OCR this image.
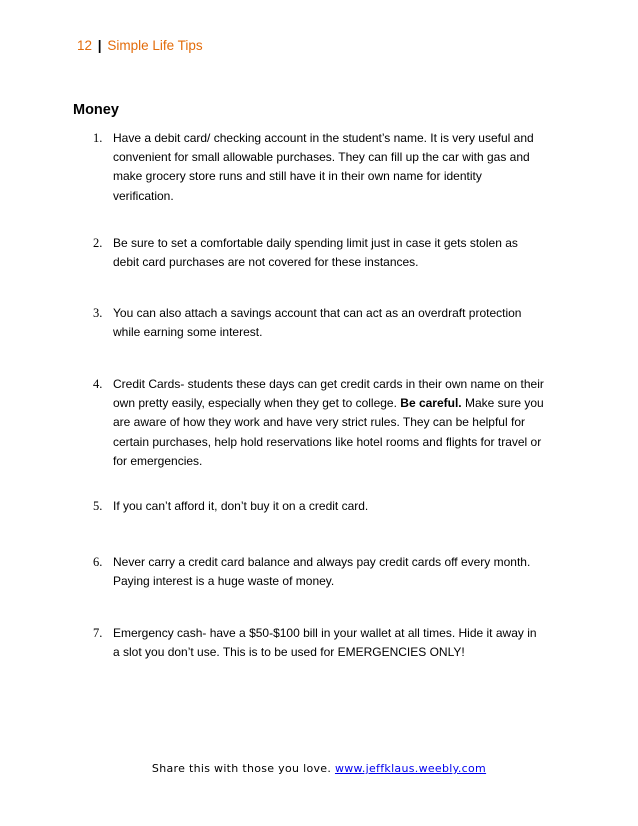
12 | Simple Life Tips
Money
1. Have a debit card/ checking account in the student’s name. It is very useful and
convenient for small allowable purchases. They can fill up the car with gas and
make grocery store runs and still have it in their own name for identity
verification.
2. Be sure to set a comfortable daily spending limit just in case it gets stolen as
debit card purchases are not covered for these instances.
3. You can also attach a savings account that can act as an overdraft protection
while earning some interest.
4. Credit Cards- students these days can get credit cards in their own name on their
own pretty easily, especially when they get to college. Be careful. Make sure you
are aware of how they work and have very strict rules. They can be helpful for
certain purchases, help hold reservations like hotel rooms and flights for travel or
for emergencies.
5. If you can’t afford it, don’t buy it on a credit card.
6. Never carry a credit card balance and always pay credit cards off every month.
Paying interest is a huge waste of money.
7. Emergency cash- have a $50-$100 bill in your wallet at all times. Hide it away in
a slot you don’t use. This is to be used for EMERGENCIES ONLY!
Share this with those you love. www.jeffklaus.weebly.com
